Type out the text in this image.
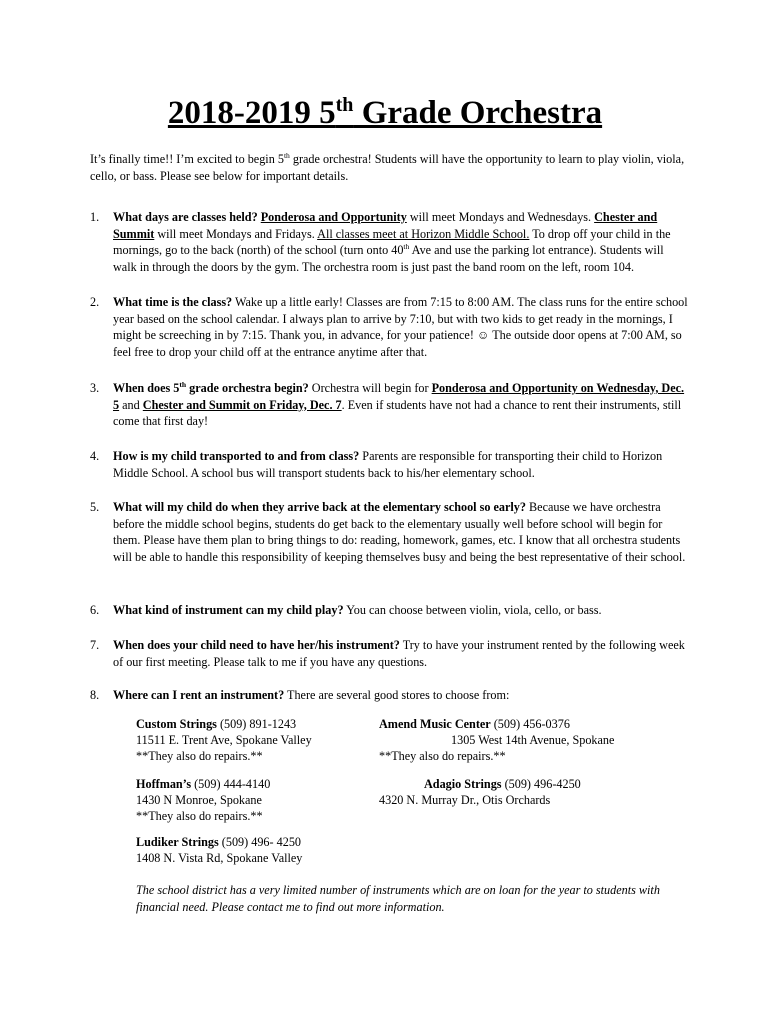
2018-2019 5th Grade Orchestra
It’s finally time!! I’m excited to begin 5th grade orchestra! Students will have the opportunity to learn to play violin, viola, cello, or bass. Please see below for important details.
1.	What days are classes held? Ponderosa and Opportunity will meet Mondays and Wednesdays. Chester and Summit will meet Mondays and Fridays. All classes meet at Horizon Middle School. To drop off your child in the mornings, go to the back (north) of the school (turn onto 40th Ave and use the parking lot entrance). Students will walk in through the doors by the gym. The orchestra room is just past the band room on the left, room 104.
2.	What time is the class? Wake up a little early! Classes are from 7:15 to 8:00 AM. The class runs for the entire school year based on the school calendar. I always plan to arrive by 7:10, but with two kids to get ready in the mornings, I might be screeching in by 7:15. Thank you, in advance, for your patience! ☺ The outside door opens at 7:00 AM, so feel free to drop your child off at the entrance anytime after that.
3.	When does 5th grade orchestra begin? Orchestra will begin for Ponderosa and Opportunity on Wednesday, Dec. 5 and Chester and Summit on Friday, Dec. 7. Even if students have not had a chance to rent their instruments, still come that first day!
4.	How is my child transported to and from class? Parents are responsible for transporting their child to Horizon Middle School. A school bus will transport students back to his/her elementary school.
5.	What will my child do when they arrive back at the elementary school so early? Because we have orchestra before the middle school begins, students do get back to the elementary usually well before school will begin for them. Please have them plan to bring things to do: reading, homework, games, etc. I know that all orchestra students will be able to handle this responsibility of keeping themselves busy and being the best representative of their school.
6.	What kind of instrument can my child play? You can choose between violin, viola, cello, or bass.
7.	When does your child need to have her/his instrument? Try to have your instrument rented by the following week of our first meeting. Please talk to me if you have any questions.
8.	Where can I rent an instrument? There are several good stores to choose from:
Custom Strings (509) 891-1243
11511 E. Trent Ave, Spokane Valley
**They also do repairs.**
Amend Music Center (509) 456-0376
1305 West 14th Avenue, Spokane
**They also do repairs.**
Hoffman’s (509) 444-4140
1430 N Monroe, Spokane
**They also do repairs.**
Adagio Strings (509) 496-4250
4320 N. Murray Dr., Otis Orchards
Ludiker Strings (509) 496- 4250
1408 N. Vista Rd, Spokane Valley
The school district has a very limited number of instruments which are on loan for the year to students with financial need. Please contact me to find out more information.
